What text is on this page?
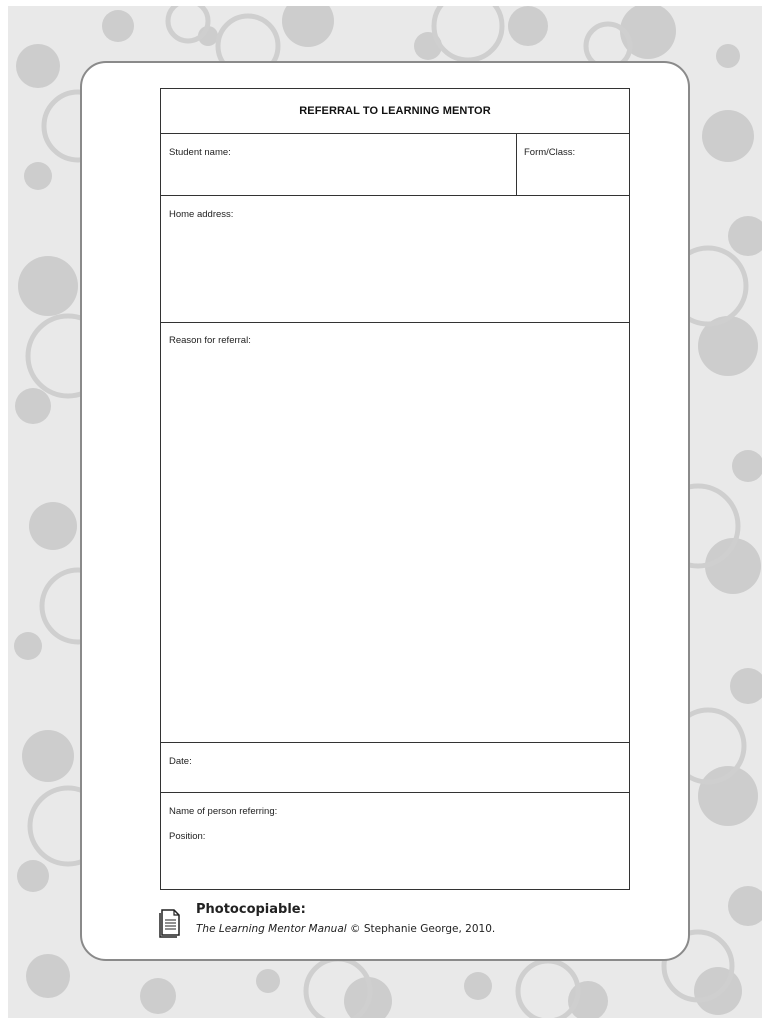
REFERRAL TO LEARNING MENTOR
Student name:	Form/Class:
Home address:
Reason for referral:
Date:
Name of person referring:
Position:
Photocopiable:
The Learning Mentor Manual © Stephanie George, 2010.
